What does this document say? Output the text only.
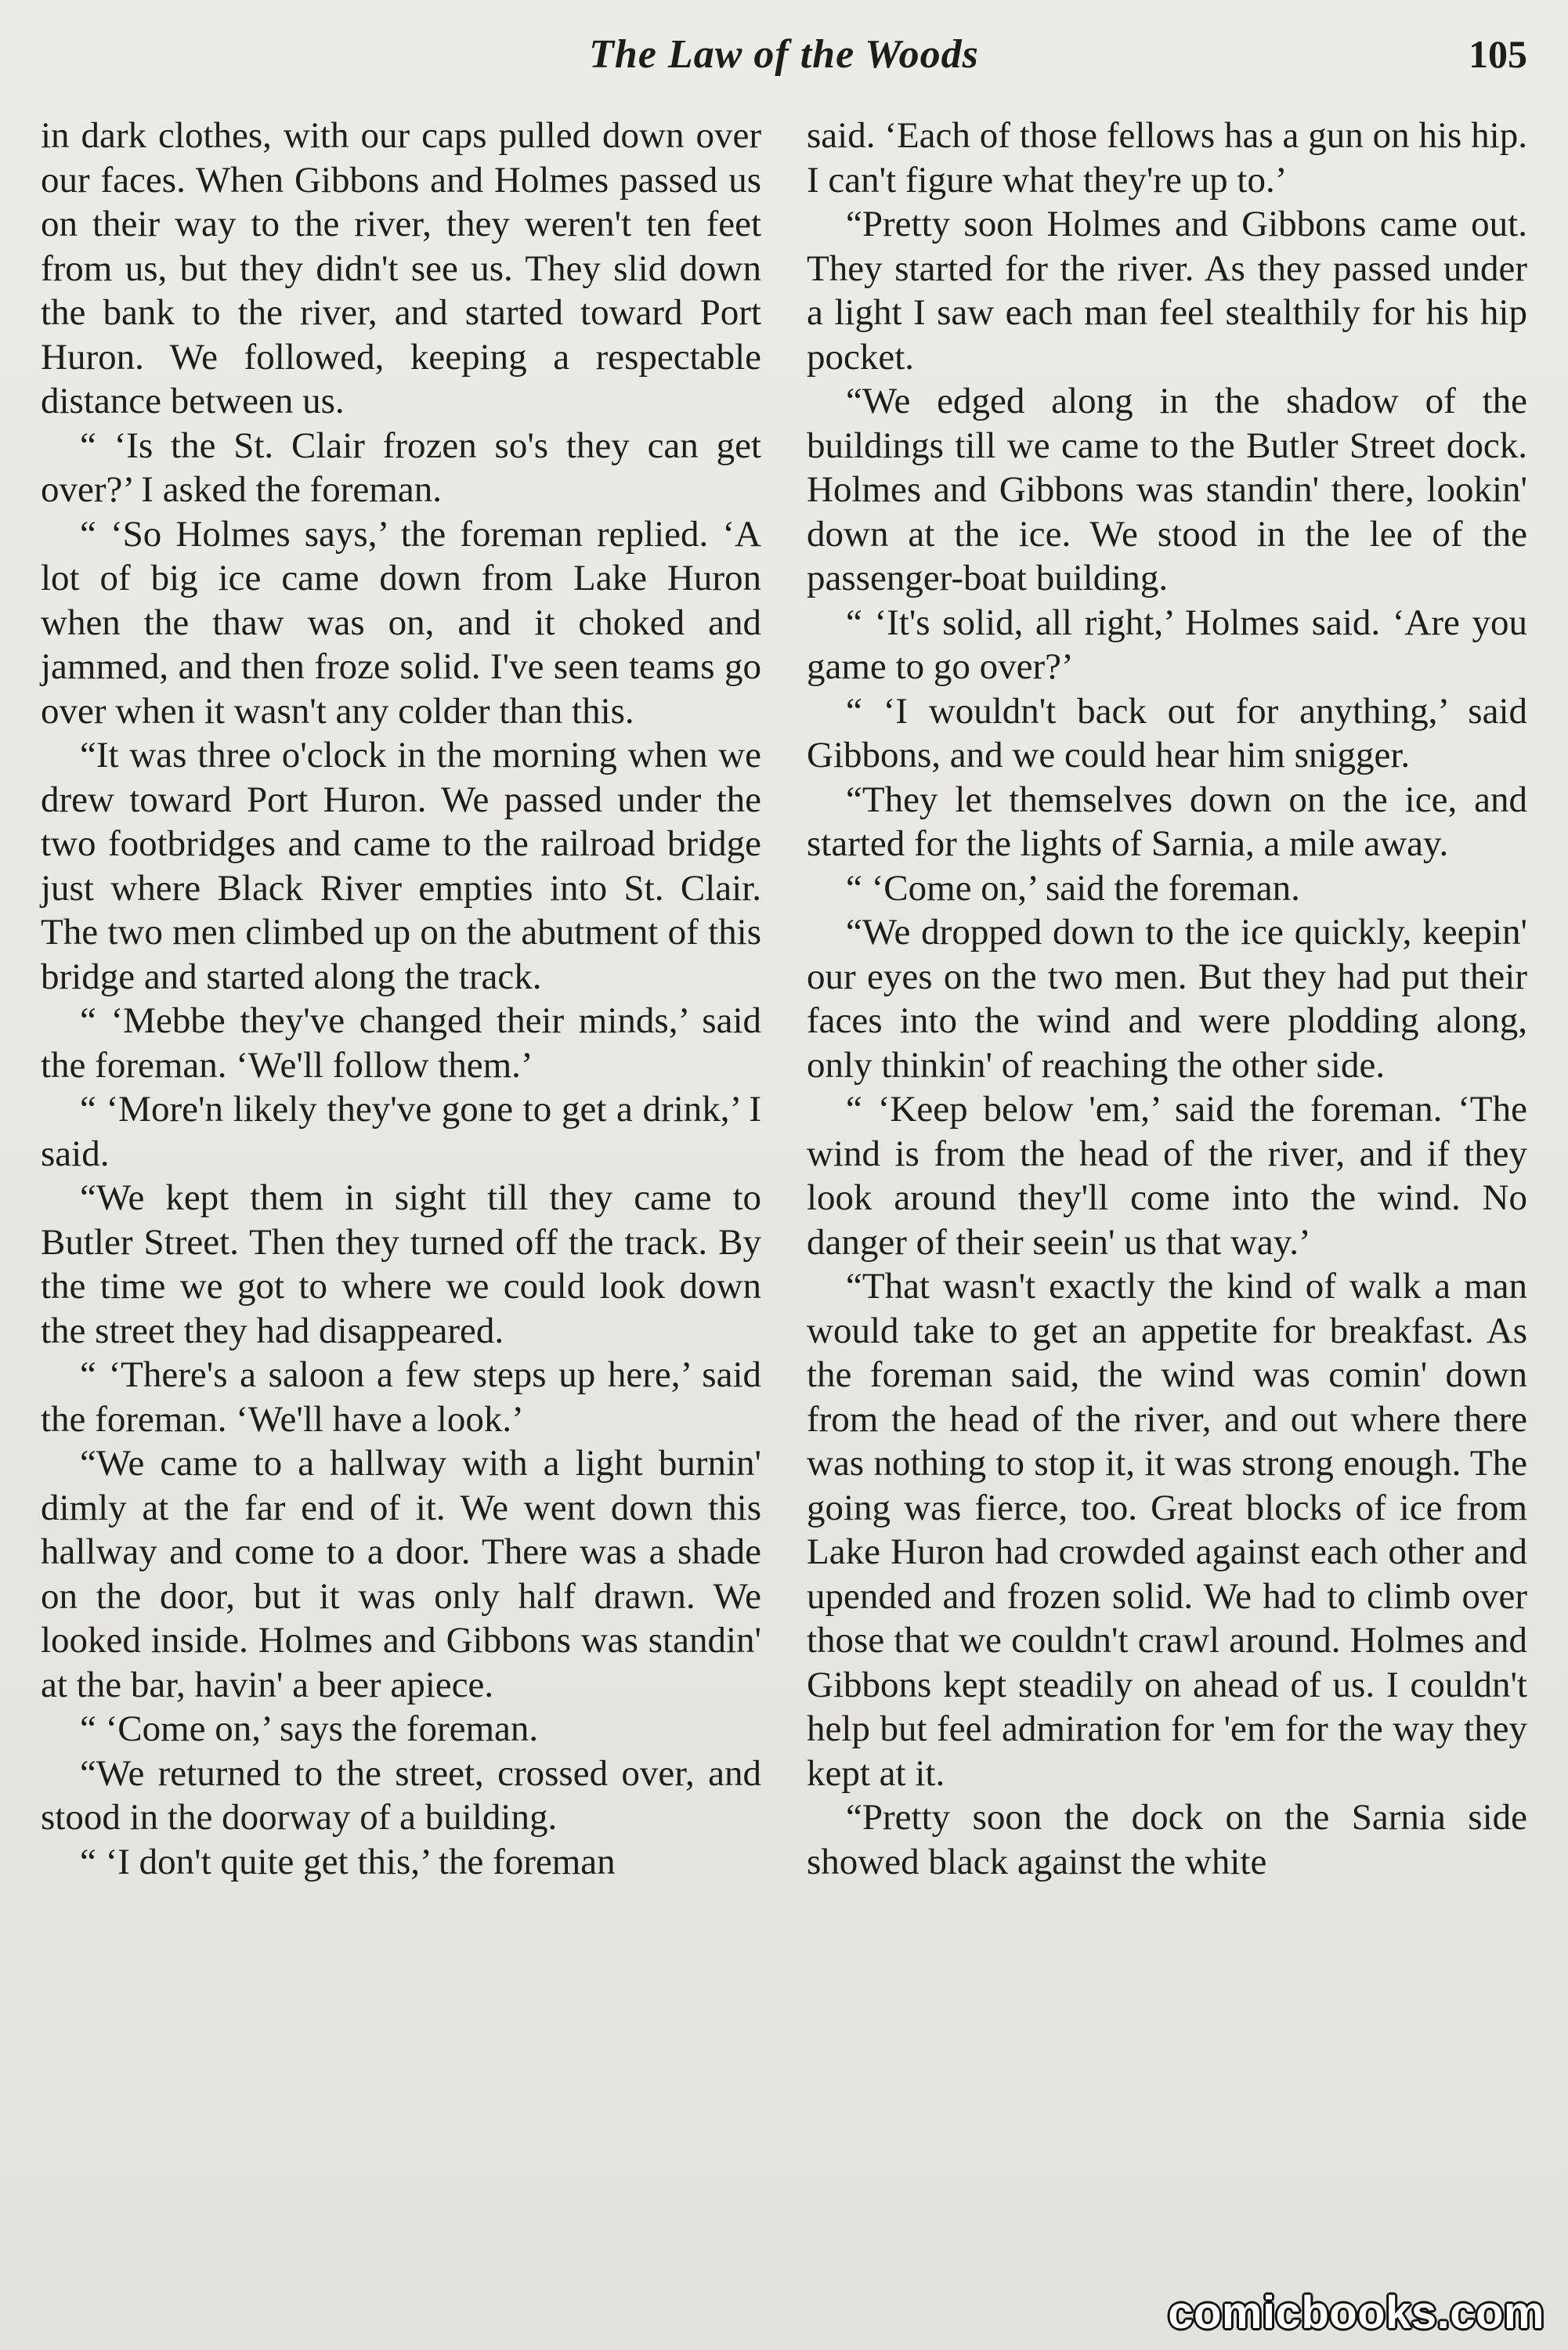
The Law of the Woods	105

in dark clothes, with our caps pulled down over our faces. When Gibbons and Holmes passed us on their way to the river, they weren't ten feet from us, but they didn't see us. They slid down the bank to the river, and started toward Port Huron. We followed, keeping a respectable distance between us.

“ ‘Is the St. Clair frozen so's they can get over?’ I asked the foreman.

“ ‘So Holmes says,’ the foreman replied. ‘A lot of big ice came down from Lake Huron when the thaw was on, and it choked and jammed, and then froze solid. I've seen teams go over when it wasn't any colder than this.

“It was three o'clock in the morning when we drew toward Port Huron. We passed under the two footbridges and came to the railroad bridge just where Black River empties into St. Clair. The two men climbed up on the abutment of this bridge and started along the track.

“ ‘Mebbe they've changed their minds,’ said the foreman. ‘We'll follow them.’

“ ‘More'n likely they've gone to get a drink,’ I said.

“We kept them in sight till they came to Butler Street. Then they turned off the track. By the time we got to where we could look down the street they had disappeared.

“ ‘There's a saloon a few steps up here,’ said the foreman. ‘We'll have a look.’

“We came to a hallway with a light burnin' dimly at the far end of it. We went down this hallway and come to a door. There was a shade on the door, but it was only half drawn. We looked inside. Holmes and Gibbons was standin' at the bar, havin' a beer apiece.

“ ‘Come on,’ says the foreman.

“We returned to the street, crossed over, and stood in the doorway of a building.

“ ‘I don't quite get this,’ the foreman

said. ‘Each of those fellows has a gun on his hip. I can't figure what they're up to.’

“Pretty soon Holmes and Gibbons came out. They started for the river. As they passed under a light I saw each man feel stealthily for his hip pocket.

“We edged along in the shadow of the buildings till we came to the Butler Street dock. Holmes and Gibbons was standin' there, lookin' down at the ice. We stood in the lee of the passenger-boat building.

“ ‘It's solid, all right,’ Holmes said. ‘Are you game to go over?’

“ ‘I wouldn't back out for anything,’ said Gibbons, and we could hear him snigger.

“They let themselves down on the ice, and started for the lights of Sarnia, a mile away.

“ ‘Come on,’ said the foreman.

“We dropped down to the ice quickly, keepin' our eyes on the two men. But they had put their faces into the wind and were plodding along, only thinkin' of reaching the other side.

“ ‘Keep below 'em,’ said the foreman. ‘The wind is from the head of the river, and if they look around they'll come into the wind. No danger of their seein' us that way.’

“That wasn't exactly the kind of walk a man would take to get an appetite for breakfast. As the foreman said, the wind was comin' down from the head of the river, and out where there was nothing to stop it, it was strong enough. The going was fierce, too. Great blocks of ice from Lake Huron had crowded against each other and upended and frozen solid. We had to climb over those that we couldn't crawl around. Holmes and Gibbons kept steadily on ahead of us. I couldn't help but feel admiration for 'em for the way they kept at it.

“Pretty soon the dock on the Sarnia side showed black against the white

comicbooks.com
